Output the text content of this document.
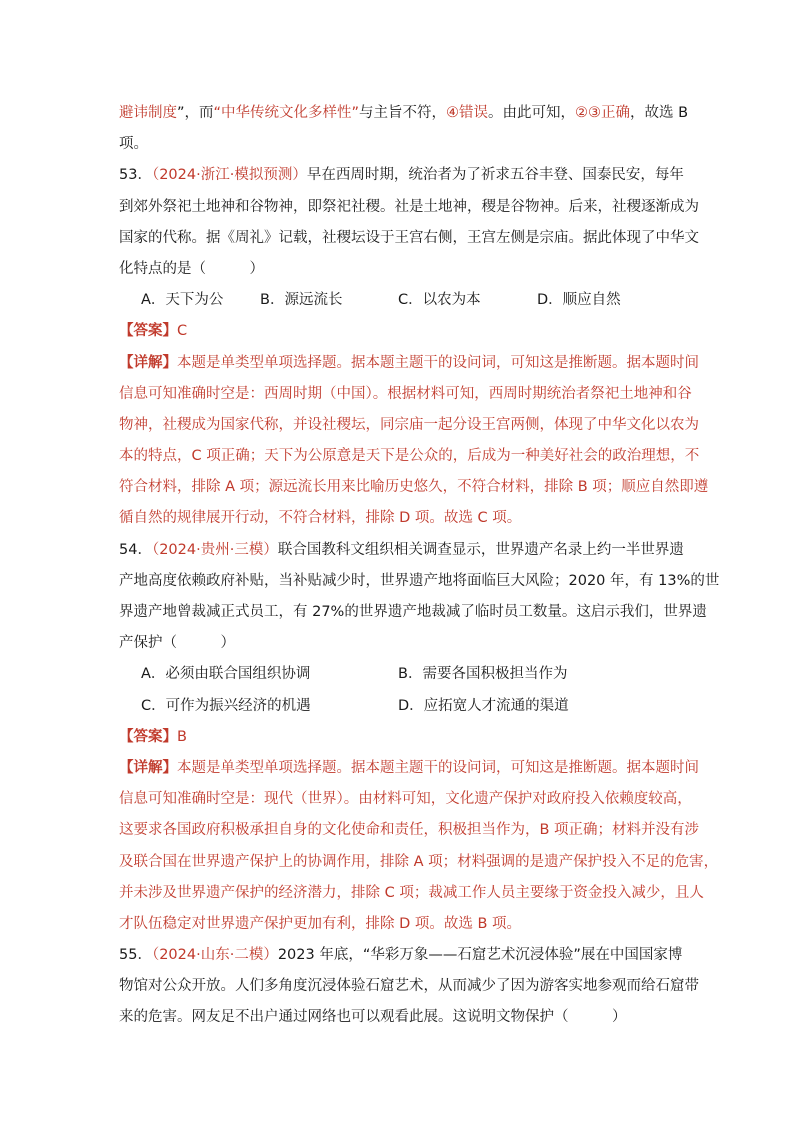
避讳制度”，而“中华传统文化多样性”与主旨不符，④错误。由此可知，②③正确，故选 B
项。
53．（2024·浙江·模拟预测）早在西周时期，统治者为了祈求五谷丰登、国泰民安，每年
到郊外祭祀土地神和谷物神，即祭祀社稷。社是土地神，稷是谷物神。后来，社稷逐渐成为
国家的代称。据《周礼》记载，社稷坛设于王宫右侧，王宫左侧是宗庙。据此体现了中华文
化特点的是（　　　）
A．天下为公	B．源远流长	C．以农为本	D．顺应自然
【答案】C
【详解】本题是单类型单项选择题。据本题主题干的设问词，可知这是推断题。据本题时间
信息可知准确时空是：西周时期（中国）。根据材料可知，西周时期统治者祭祀土地神和谷
物神，社稷成为国家代称，并设社稷坛，同宗庙一起分设王宫两侧，体现了中华文化以农为
本的特点，C 项正确；天下为公原意是天下是公众的，后成为一种美好社会的政治理想，不
符合材料，排除 A 项；源远流长用来比喻历史悠久，不符合材料，排除 B 项；顺应自然即遵
循自然的规律展开行动，不符合材料，排除 D 项。故选 C 项。
54．（2024·贵州·三模）联合国教科文组织相关调查显示，世界遗产名录上约一半世界遗
产地高度依赖政府补贴，当补贴减少时，世界遗产地将面临巨大风险；2020 年，有 13%的世
界遗产地曾裁减正式员工，有 27%的世界遗产地裁减了临时员工数量。这启示我们，世界遗
产保护（　　　）
A．必须由联合国组织协调	B．需要各国积极担当作为
C．可作为振兴经济的机遇	D．应拓宽人才流通的渠道
【答案】B
【详解】本题是单类型单项选择题。据本题主题干的设问词，可知这是推断题。据本题时间
信息可知准确时空是：现代（世界）。由材料可知，文化遗产保护对政府投入依赖度较高，
这要求各国政府积极承担自身的文化使命和责任，积极担当作为，B 项正确；材料并没有涉
及联合国在世界遗产保护上的协调作用，排除 A 项；材料强调的是遗产保护投入不足的危害，
并未涉及世界遗产保护的经济潜力，排除 C 项；裁减工作人员主要缘于资金投入减少，且人
才队伍稳定对世界遗产保护更加有利，排除 D 项。故选 B 项。
55．（2024·山东·二模）2023 年底，“华彩万象——石窟艺术沉浸体验”展在中国国家博
物馆对公众开放。人们多角度沉浸体验石窟艺术，从而减少了因为游客实地参观而给石窟带
来的危害。网友足不出户通过网络也可以观看此展。这说明文物保护（　　　）
